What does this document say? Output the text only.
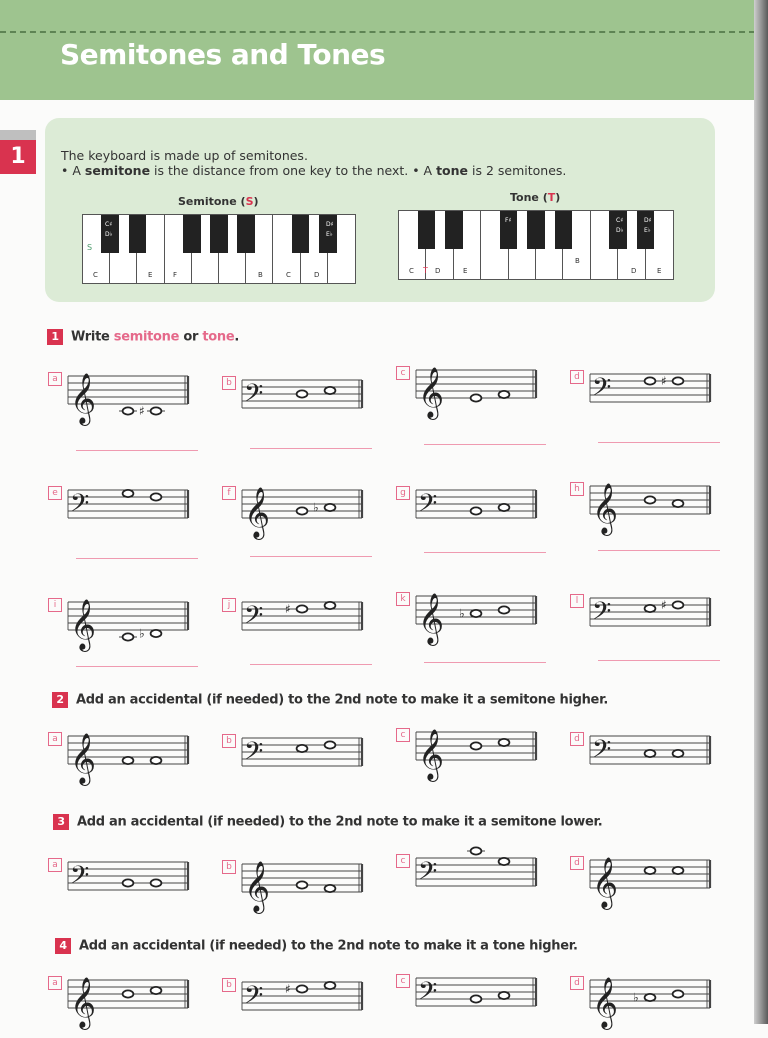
Semitones and Tones
1	The keyboard is made up of semitones.
• A semitone is the distance from one key to the next. • A tone is 2 semitones.
Semitone (S)	Tone (T)
C	E	F	B	C	D
C♯
D♭
D♯
E♭
S
C	D	E
B
D	E
F♯	C♯
D♭
D♯
E♭
T
1 Write semitone or tone.
2 Add an accidental (if needed) to the 2nd note to make it a semitone higher.
3 Add an accidental (if needed) to the 2nd note to make it a semitone lower.
4 Add an accidental (if needed) to the 2nd note to make it a tone higher.
a 𝄞	♯
b 𝄢
c 𝄞	d 𝄢	♯
e 𝄢	f 𝄞	♭
g 𝄢	h 𝄞
i 𝄞	♭
j 𝄢 ♯
k 𝄞 ♭
l 𝄢	♯
a 𝄞	b 𝄢
c 𝄞	d 𝄢
a 𝄢	b 𝄞	c 𝄢	d 𝄞
a 𝄞	b 𝄢 ♯
c 𝄢	d 𝄞 ♭
